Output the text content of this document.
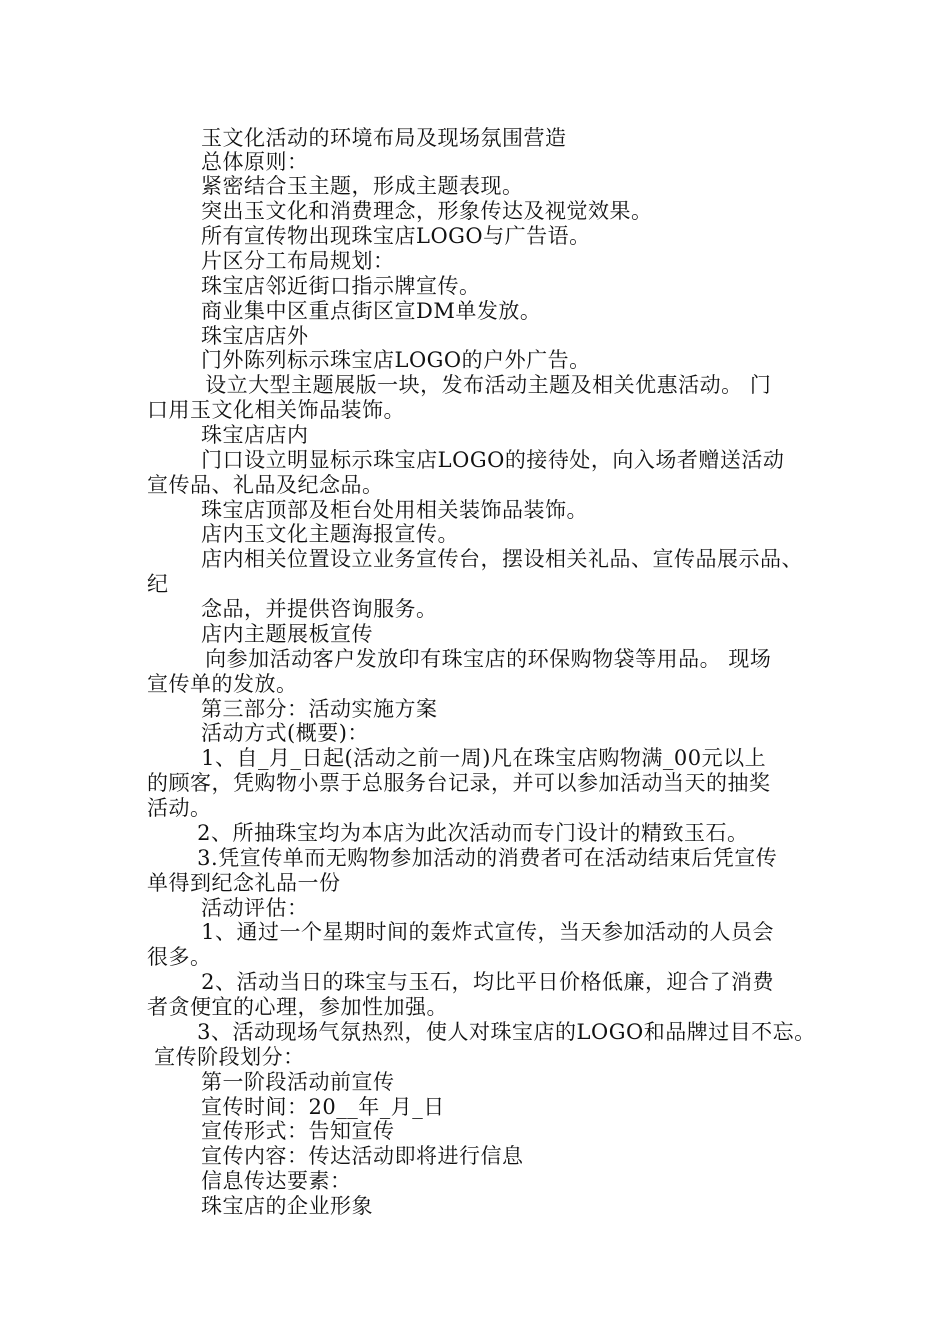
玉文化活动的环境布局及现场氛围营造
总体原则：
紧密结合玉主题，形成主题表现。
突出玉文化和消费理念，形象传达及视觉效果。
所有宣传物出现珠宝店LOGO与广告语。
片区分工布局规划：
珠宝店邻近街口指示牌宣传。
商业集中区重点街区宣DM单发放。
珠宝店店外
门外陈列标示珠宝店LOGO的户外广告。
设立大型主题展版一块，发布活动主题及相关优惠活动。 门
口用玉文化相关饰品装饰。
珠宝店店内
门口设立明显标示珠宝店LOGO的接待处，向入场者赠送活动
宣传品、礼品及纪念品。
珠宝店顶部及柜台处用相关装饰品装饰。
店内玉文化主题海报宣传。
店内相关位置设立业务宣传台，摆设相关礼品、宣传品展示品、
纪
念品，并提供咨询服务。
店内主题展板宣传
向参加活动客户发放印有珠宝店的环保购物袋等用品。 现场
宣传单的发放。
第三部分：活动实施方案
活动方式(概要)：
1、自_月_日起(活动之前一周)凡在珠宝店购物满_00元以上
的顾客，凭购物小票于总服务台记录，并可以参加活动当天的抽奖
活动。
2、所抽珠宝均为本店为此次活动而专门设计的精致玉石。
3.凭宣传单而无购物参加活动的消费者可在活动结束后凭宣传
单得到纪念礼品一份
活动评估：
1、通过一个星期时间的轰炸式宣传，当天参加活动的人员会
很多。
2、活动当日的珠宝与玉石，均比平日价格低廉，迎合了消费
者贪便宜的心理，参加性加强。
3、活动现场气氛热烈，使人对珠宝店的LOGO和品牌过目不忘。
宣传阶段划分：
第一阶段活动前宣传
宣传时间：20__年_月_日
宣传形式：告知宣传
宣传内容：传达活动即将进行信息
信息传达要素：
珠宝店的企业形象
